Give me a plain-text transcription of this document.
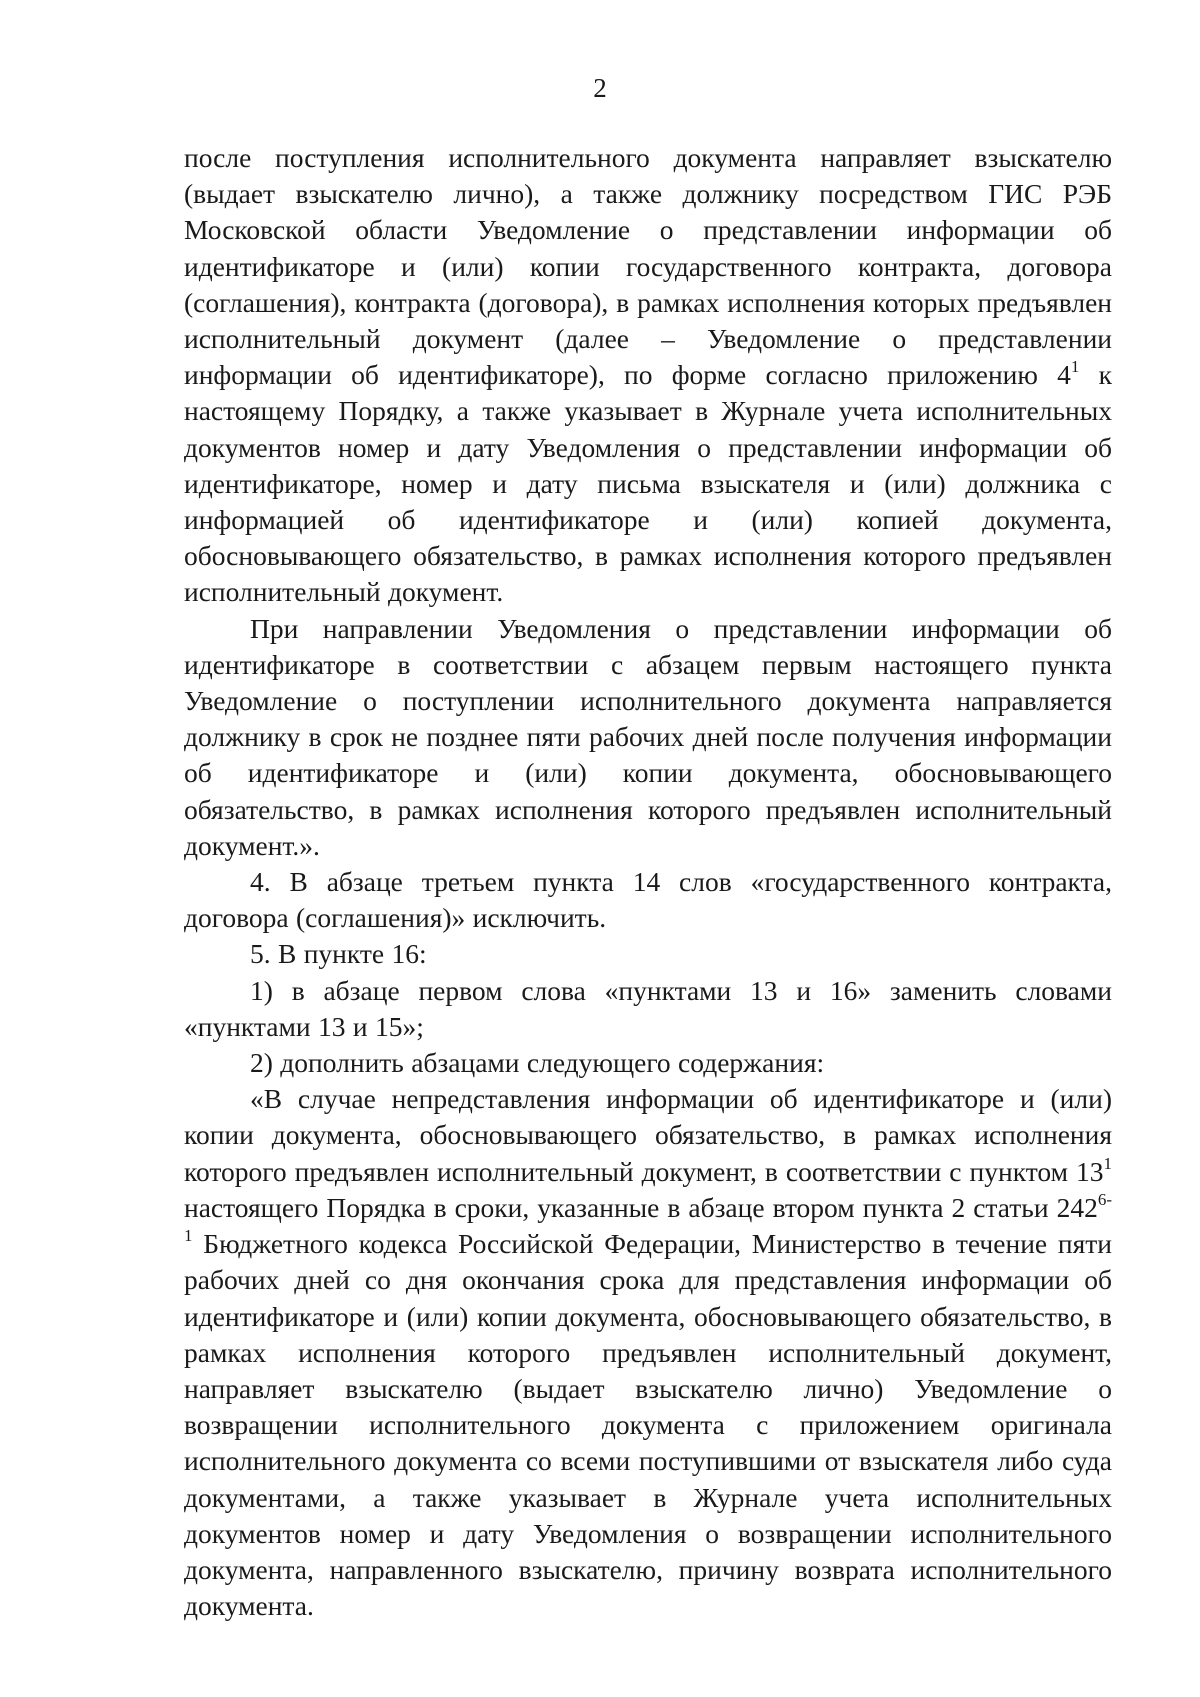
2

после поступления исполнительного документа направляет взыскателю (выдает взыскателю лично), а также должнику посредством ГИС РЭБ Московской области Уведомление о представлении информации об идентификаторе и (или) копии государственного контракта, договора (соглашения), контракта (договора), в рамках исполнения которых предъявлен исполнительный документ (далее – Уведомление о представлении информации об идентификаторе), по форме согласно приложению $4^1$ к настоящему Порядку, а также указывает в Журнале учета исполнительных документов номер и дату Уведомления о представлении информации об идентификаторе, номер и дату письма взыскателя и (или) должника с информацией об идентификаторе и (или) копией документа, обосновывающего обязательство, в рамках исполнения которого предъявлен исполнительный документ.

При направлении Уведомления о представлении информации об идентификаторе в соответствии с абзацем первым настоящего пункта Уведомление о поступлении исполнительного документа направляется должнику в срок не позднее пяти рабочих дней после получения информации об идентификаторе и (или) копии документа, обосновывающего обязательство, в рамках исполнения которого предъявлен исполнительный документ.».

4. В абзаце третьем пункта 14 слов «государственного контракта, договора (соглашения)» исключить.

5. В пункте 16:

1) в абзаце первом слова «пунктами 13 и 16» заменить словами «пунктами 13 и 15»;

2) дополнить абзацами следующего содержания:

«В случае непредставления информации об идентификаторе и (или) копии документа, обосновывающего обязательство, в рамках исполнения которого предъявлен исполнительный документ, в соответствии с пунктом $13^1$ настоящего Порядка в сроки, указанные в абзаце втором пункта 2 статьи 242$^{6-1}$ Бюджетного кодекса Российской Федерации, Министерство в течение пяти рабочих дней со дня окончания срока для представления информации об идентификаторе и (или) копии документа, обосновывающего обязательство, в рамках исполнения которого предъявлен исполнительный документ, направляет взыскателю (выдает взыскателю лично) Уведомление о возвращении исполнительного документа с приложением оригинала исполнительного документа со всеми поступившими от взыскателя либо суда документами, а также указывает в Журнале учета исполнительных документов номер и дату Уведомления о возвращении исполнительного документа, направленного взыскателю, причину возврата исполнительного документа.
